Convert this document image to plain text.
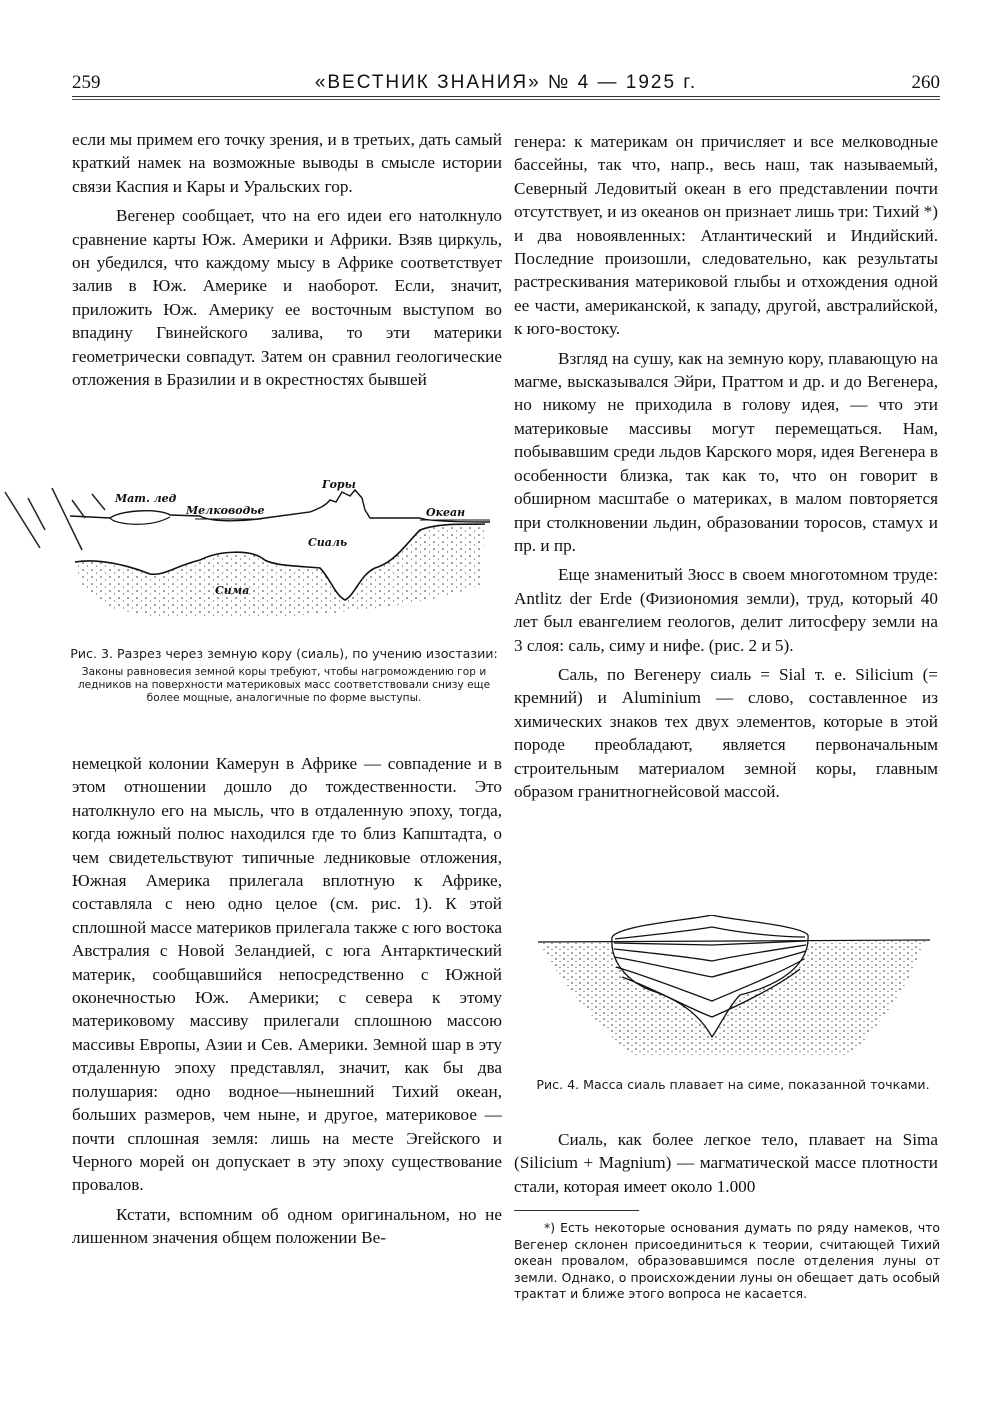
259	«ВЕСТНИК ЗНАНИЯ» № 4 — 1925 г.	260

если мы примем его точку зрения, и в третьих, дать самый краткий намек на возможные выводы в смысле истории связи Каспия и Кары и Уральских гор.

Вегенер сообщает, что на его идеи его натолкнуло сравнение карты Юж. Америки и Африки. Взяв циркуль, он убедился, что каждому мысу в Африке соответствует залив в Юж. Америке и наоборот. Если, значит, приложить Юж. Америку ее восточным выступом во впадину Гвинейского залива, то эти материки геометрически совпадут. Затем он сравнил геологические отложения в Бразилии и в окрестностях бывшей

Мат. лед
Мелководье
Горы
Океан
Сиаль
Сима
Рис. 3. Разрез через земную кору (сиаль), по учению изостазии:
Законы равновесия земной коры требуют, чтобы нагромождению гор и ледников на поверхности материковых масс соответствовали снизу еще более мощные, аналогичные по форме выступы.

немецкой колонии Камерун в Африке — совпадение и в этом отношении дошло до тождественности. Это натолкнуло его на мысль, что в отдаленную эпоху, тогда, когда южный полюс находился где то близ Капштадта, о чем свидетельствуют типичные ледниковые отложения, Южная Америка прилегала вплотную к Африке, составляла с нею одно целое (см. рис. 1). К этой сплошной массе материков прилегала также с юго востока Австралия с Новой Зеландией, с юга Антарктический материк, сообщавшийся непосредственно с Южной оконечностью Юж. Америки; с севера к этому материковому массиву прилегали сплошною массою массивы Европы, Азии и Сев. Америки. Земной шар в эту отдаленную эпоху представлял, значит, как бы два полушария: одно водное—нынешний Тихий океан, больших размеров, чем ныне, и другое, материковое — почти сплошная земля: лишь на месте Эгейского и Черного морей он допускает в эту эпоху существование провалов.

Кстати, вспомним об одном оригинальном, но не лишенном значения общем положении Ве-

генера: к материкам он причисляет и все мелководные бассейны, так что, напр., весь наш, так называемый, Северный Ледовитый океан в его представлении почти отсутствует, и из океанов он признает лишь три: Тихий *) и два новоявленных: Атлантический и Индийский. Последние произошли, следовательно, как результаты растрескивания материковой глыбы и отхождения одной ее части, американской, к западу, другой, австралийской, к юго-востоку.

Взгляд на сушу, как на земную кору, плавающую на магме, высказывался Эйри, Праттом и др. и до Вегенера, но никому не приходила в голову идея, — что эти материковые массивы могут перемещаться. Нам, побывавшим среди льдов Карского моря, идея Вегенера в особенности близка, так как то, что он говорит в обширном масштабе о материках, в малом повторяется при столкновении льдин, образовании торосов, стамух и пр. и пр.

Еще знаменитый Зюсс в своем многотомном труде: Antlitz der Erde (Физиономия земли), труд, который 40 лет был евангелием геологов, делит литосферу земли на 3 слоя: саль, симу и нифе. (рис. 2 и 5).

Саль, по Вегенеру сиаль = Sial т. е. Silicium (= кремний) и Aluminium — слово, составленное из химических знаков тех двух элементов, которые в этой породе преобладают, является первоначальным строительным материалом земной коры, главным образом гранитногнейсовой массой.

Рис. 4. Масса сиаль плавает на симе, показанной точками.

Сиаль, как более легкое тело, плавает на Sima (Silicium + Magnium) — магматической массе плотности стали, которая имеет около 1.000

*) Есть некоторые основания думать по ряду намеков, что Вегенер склонен присоединиться к теории, считающей Тихий океан провалом, образовавшимся после отделения луны от земли. Однако, о происхождении луны он обещает дать особый трактат и ближе этого вопроса не касается.
